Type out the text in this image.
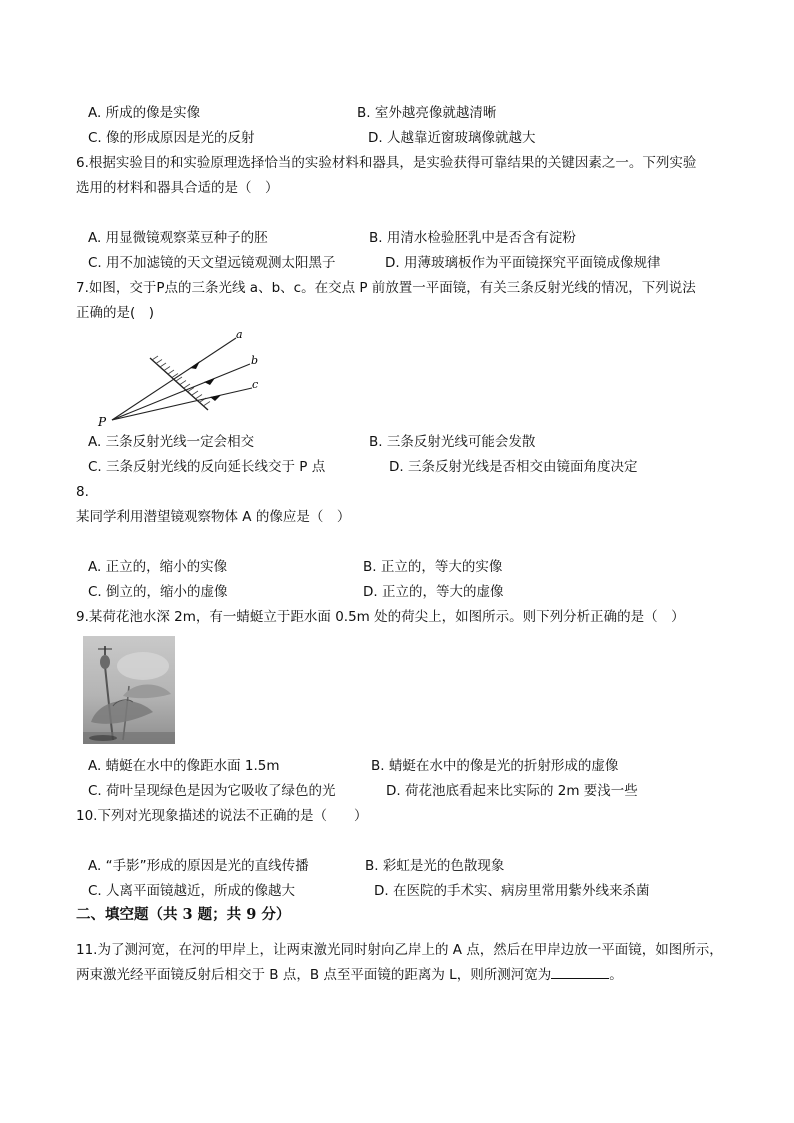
A. 所成的像是实像	B. 室外越亮像就越清晰
C. 像的形成原因是光的反射	D. 人越靠近窗玻璃像就越大
6.根据实验目的和实验原理选择恰当的实验材料和器具，是实验获得可靠结果的关键因素之一。下列实验
选用的材料和器具合适的是（　）
A. 用显微镜观察菜豆种子的胚	B. 用清水检验胚乳中是否含有淀粉
C. 用不加滤镜的天文望远镜观测太阳黑子	D. 用薄玻璃板作为平面镜探究平面镜成像规律
7.如图，交于P点的三条光线 a、b、c。在交点 P 前放置一平面镜，有关三条反射光线的情况，下列说法
正确的是(　)
a
b
c
P
A. 三条反射光线一定会相交	B. 三条反射光线可能会发散
C. 三条反射光线的反向延长线交于 P 点	D. 三条反射光线是否相交由镜面角度决定
8.
某同学利用潜望镜观察物体 A 的像应是（　）
A. 正立的，缩小的实像	B. 正立的，等大的实像
C. 倒立的，缩小的虚像	D. 正立的，等大的虚像
9.某荷花池水深 2m，有一蜻蜓立于距水面 0.5m 处的荷尖上，如图所示。则下列分析正确的是（　）
A. 蜻蜓在水中的像距水面 1.5m	B. 蜻蜓在水中的像是光的折射形成的虚像
C. 荷叶呈现绿色是因为它吸收了绿色的光	D. 荷花池底看起来比实际的 2m 要浅一些
10.下列对光现象描述的说法不正确的是（　　）
A. “手影”形成的原因是光的直线传播	B. 彩虹是光的色散现象
C. 人离平面镜越近，所成的像越大	D. 在医院的手术实、病房里常用紫外线来杀菌
二、填空题（共 3 题；共 9 分）
11.为了测河宽，在河的甲岸上，让两束激光同时射向乙岸上的 A 点，然后在甲岸边放一平面镜，如图所示，
两束激光经平面镜反射后相交于 B 点，B 点至平面镜的距离为 L，则所测河宽为	。
